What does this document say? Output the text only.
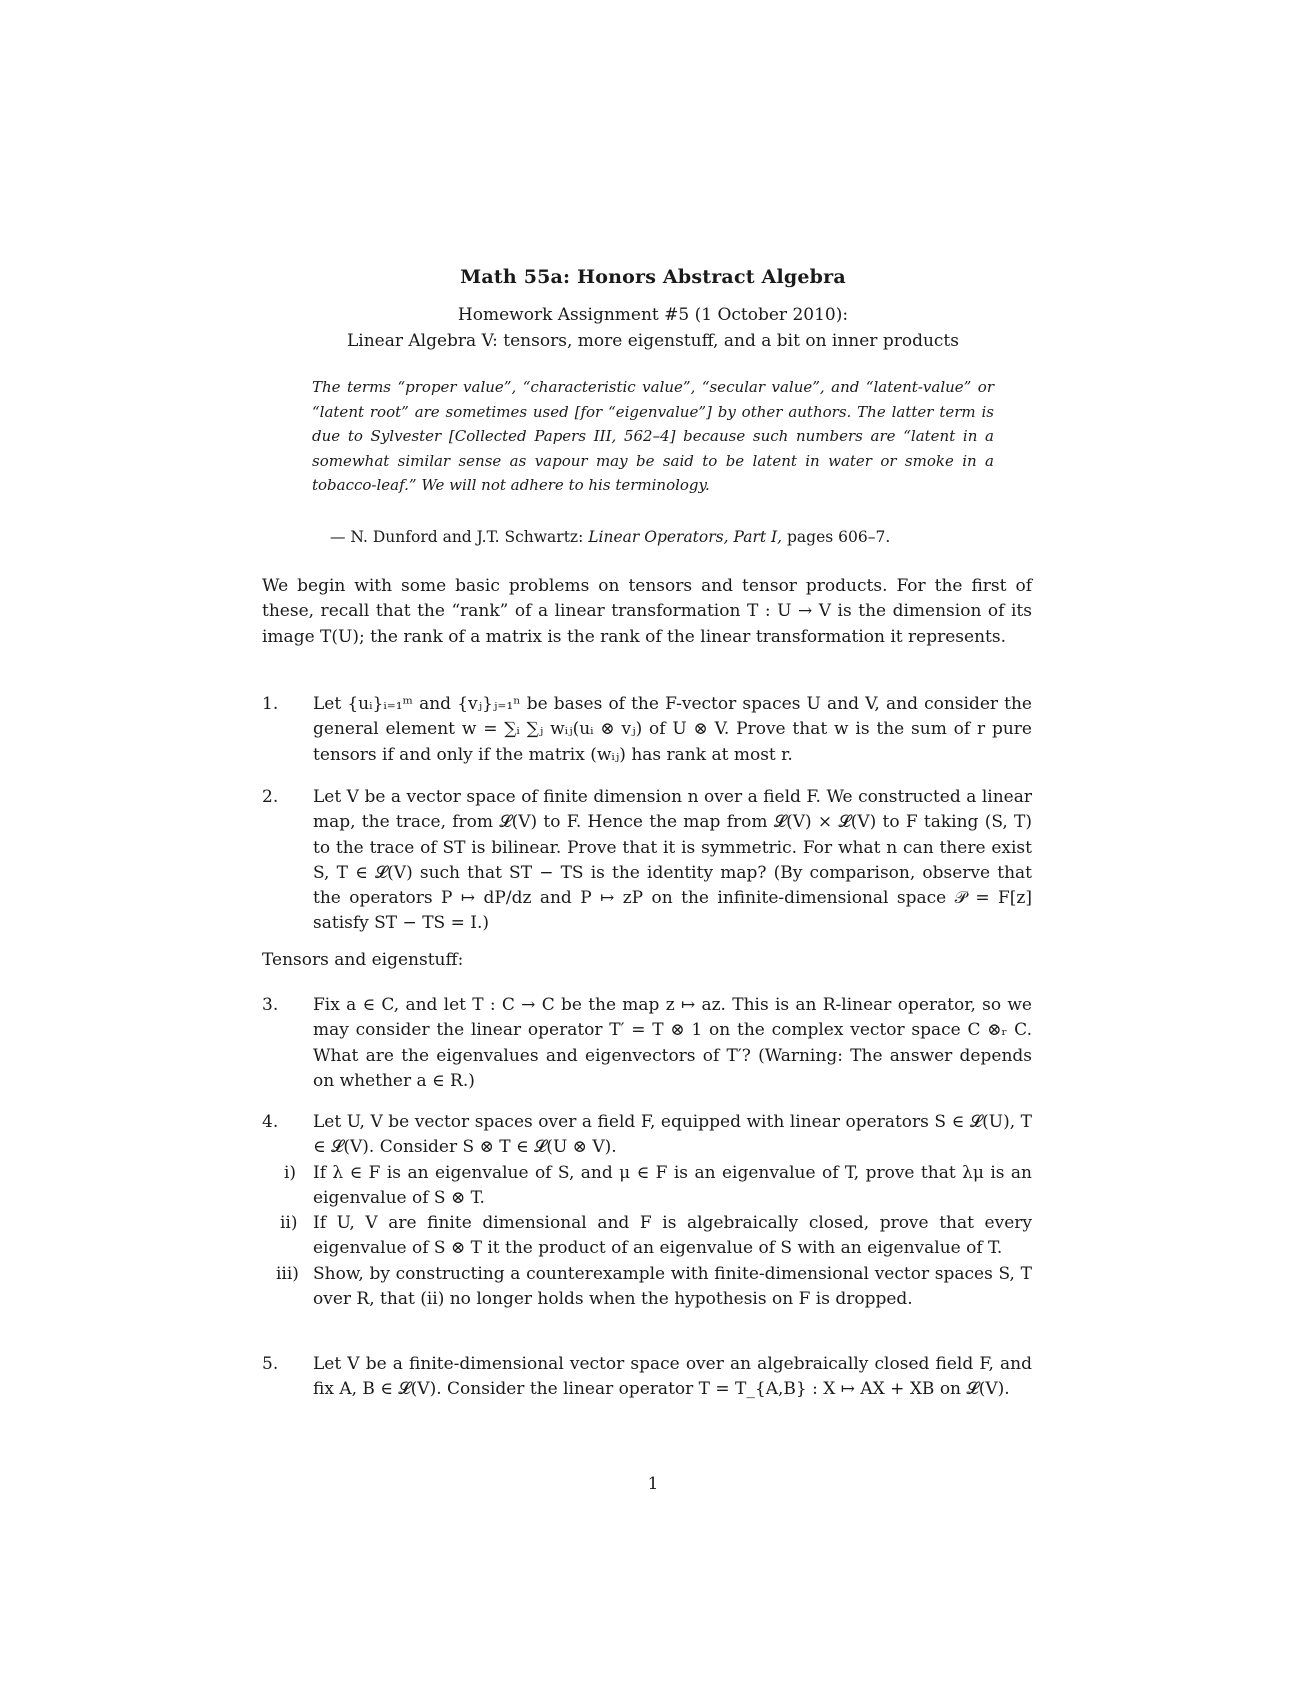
Math 55a: Honors Abstract Algebra
Homework Assignment #5 (1 October 2010):
Linear Algebra V: tensors, more eigenstuff, and a bit on inner products
The terms “proper value”, “characteristic value”, “secular value”, and “latent-value” or “latent root” are sometimes used [for “eigenvalue”] by other authors. The latter term is due to Sylvester [Collected Papers III, 562–4] because such numbers are “latent in a somewhat similar sense as vapour may be said to be latent in water or smoke in a tobacco-leaf.” We will not adhere to his terminology.
— N. Dunford and J.T. Schwartz: Linear Operators, Part I, pages 606–7.
We begin with some basic problems on tensors and tensor products. For the first of these, recall that the “rank” of a linear transformation T : U → V is the dimension of its image T(U); the rank of a matrix is the rank of the linear transformation it represents.
1. Let {uᵢ}ᵢ₌₁ᵐ and {vⱼ}ⱼ₌₁ⁿ be bases of the F-vector spaces U and V, and consider the general element w = ∑ᵢ ∑ⱼ wᵢⱼ(uᵢ ⊗ vⱼ) of U ⊗ V. Prove that w is the sum of r pure tensors if and only if the matrix (wᵢⱼ) has rank at most r.
2. Let V be a vector space of finite dimension n over a field F. We constructed a linear map, the trace, from 𝓛(V) to F. Hence the map from 𝓛(V) × 𝓛(V) to F taking (S, T) to the trace of ST is bilinear. Prove that it is symmetric. For what n can there exist S, T ∈ 𝓛(V) such that ST − TS is the identity map? (By comparison, observe that the operators P ↦ dP/dz and P ↦ zP on the infinite-dimensional space 𝒫 = F[z] satisfy ST − TS = I.)
Tensors and eigenstuff:
3. Fix a ∈ C, and let T : C → C be the map z ↦ az. This is an R-linear operator, so we may consider the linear operator T′ = T ⊗ 1 on the complex vector space C ⊗ᵣ C. What are the eigenvalues and eigenvectors of T′? (Warning: The answer depends on whether a ∈ R.)
4. Let U, V be vector spaces over a field F, equipped with linear operators S ∈ 𝓛(U), T ∈ 𝓛(V). Consider S ⊗ T ∈ 𝓛(U ⊗ V).
i) If λ ∈ F is an eigenvalue of S, and μ ∈ F is an eigenvalue of T, prove that λμ is an eigenvalue of S ⊗ T.
ii) If U, V are finite dimensional and F is algebraically closed, prove that every eigenvalue of S ⊗ T it the product of an eigenvalue of S with an eigenvalue of T.
iii) Show, by constructing a counterexample with finite-dimensional vector spaces S, T over R, that (ii) no longer holds when the hypothesis on F is dropped.
5. Let V be a finite-dimensional vector space over an algebraically closed field F, and fix A, B ∈ 𝓛(V). Consider the linear operator T = T_{A,B} : X ↦ AX + XB on 𝓛(V).
1
